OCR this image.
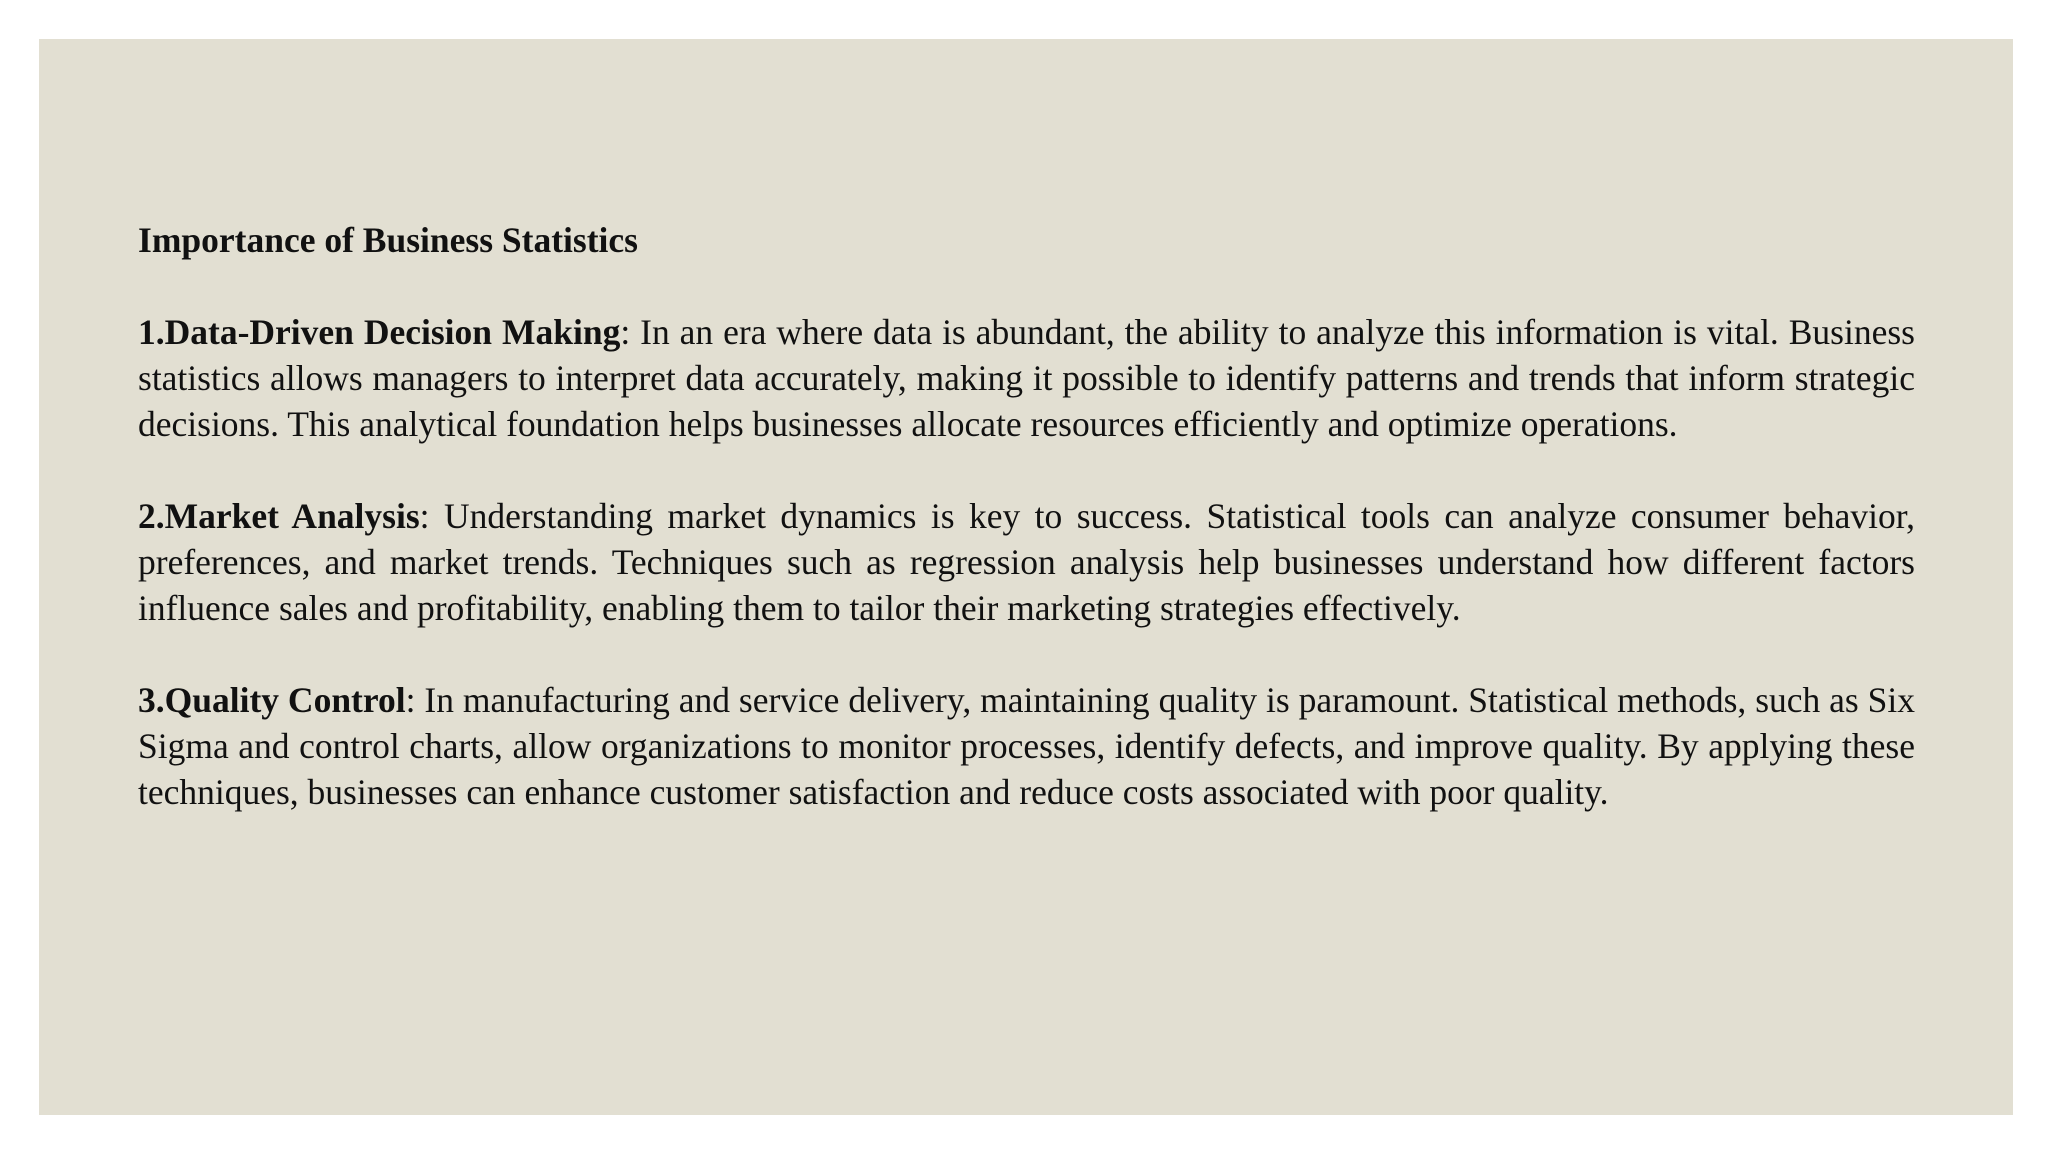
Importance of Business Statistics

1.Data-Driven Decision Making: In an era where data is abundant, the ability to analyze this information is vital. Business statistics allows managers to interpret data accurately, making it possible to identify patterns and trends that inform strategic decisions. This analytical foundation helps businesses allocate resources efficiently and optimize operations.

2.Market Analysis: Understanding market dynamics is key to success. Statistical tools can analyze consumer behavior, preferences, and market trends. Techniques such as regression analysis help businesses understand how different factors influence sales and profitability, enabling them to tailor their marketing strategies effectively.

3.Quality Control: In manufacturing and service delivery, maintaining quality is paramount. Statistical methods, such as Six Sigma and control charts, allow organizations to monitor processes, identify defects, and improve quality. By applying these techniques, businesses can enhance customer satisfaction and reduce costs associated with poor quality.
